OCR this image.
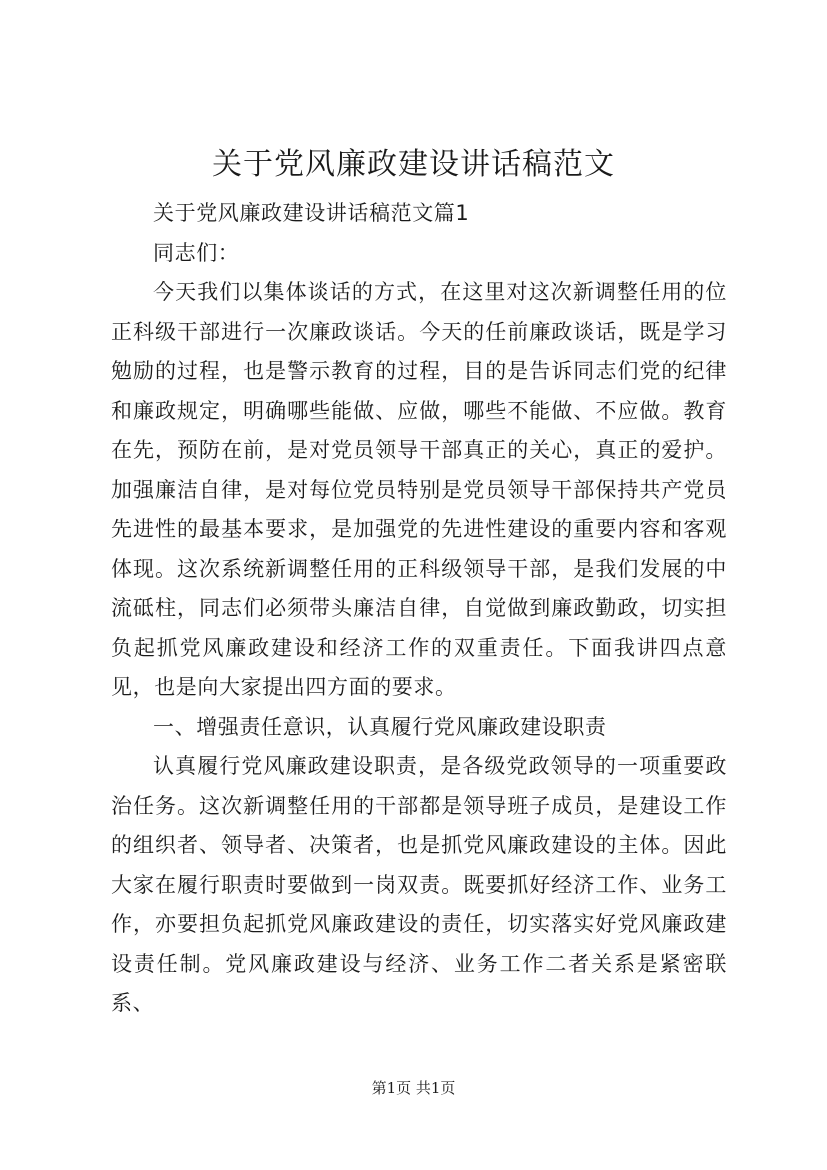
关于党风廉政建设讲话稿范文

关于党风廉政建设讲话稿范文篇1

同志们：

今天我们以集体谈话的方式，在这里对这次新调整任用的位正科级干部进行一次廉政谈话。今天的任前廉政谈话，既是学习勉励的过程，也是警示教育的过程，目的是告诉同志们党的纪律和廉政规定，明确哪些能做、应做，哪些不能做、不应做。教育在先，预防在前，是对党员领导干部真正的关心，真正的爱护。加强廉洁自律，是对每位党员特别是党员领导干部保持共产党员先进性的最基本要求，是加强党的先进性建设的重要内容和客观体现。这次系统新调整任用的正科级领导干部，是我们发展的中流砥柱，同志们必须带头廉洁自律，自觉做到廉政勤政，切实担负起抓党风廉政建设和经济工作的双重责任。下面我讲四点意见，也是向大家提出四方面的要求。

一、增强责任意识，认真履行党风廉政建设职责

认真履行党风廉政建设职责，是各级党政领导的一项重要政治任务。这次新调整任用的干部都是领导班子成员，是建设工作的组织者、领导者、决策者，也是抓党风廉政建设的主体。因此大家在履行职责时要做到一岗双责。既要抓好经济工作、业务工作，亦要担负起抓党风廉政建设的责任，切实落实好党风廉政建设责任制。党风廉政建设与经济、业务工作二者关系是紧密联系、

第1页 共1页
